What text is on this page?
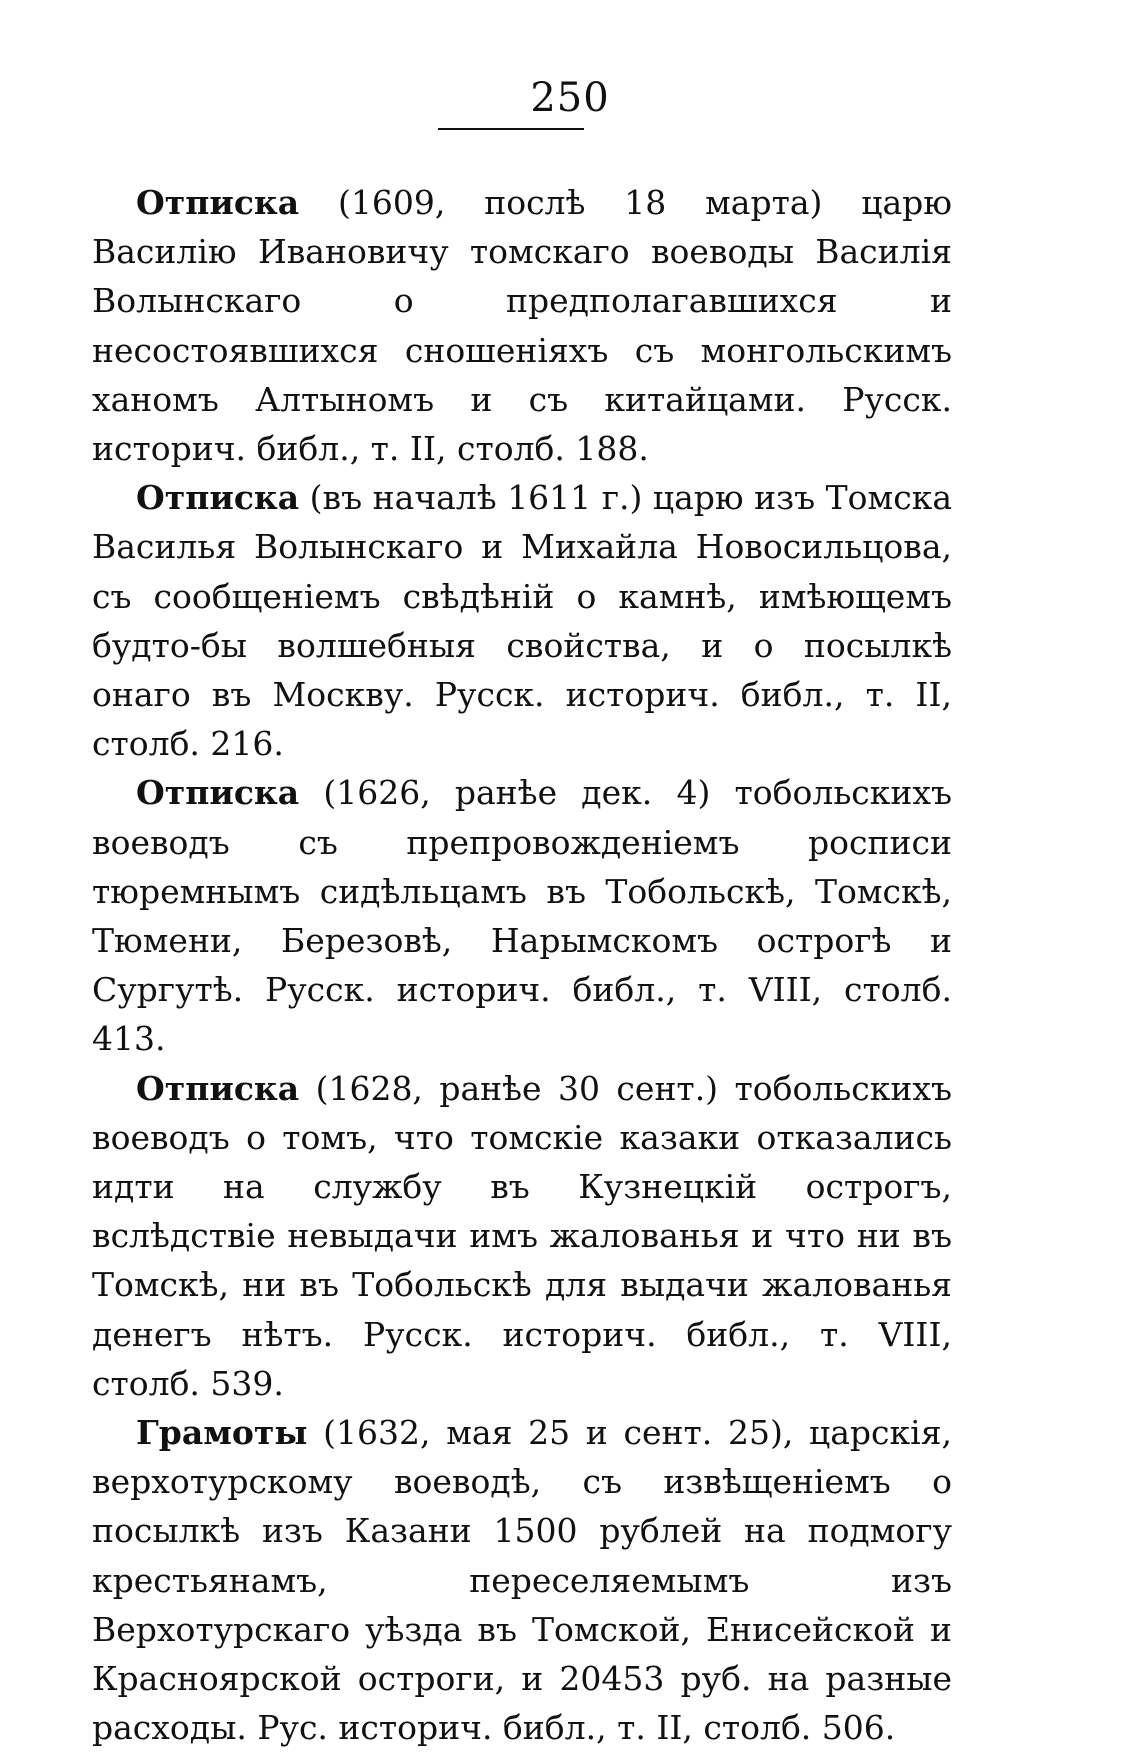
250

Отписка (1609, послѣ 18 марта) царю Василію Ивановичу томскаго воеводы Василія Волынскаго о предполагавшихся и несостоявшихся сношеніяхъ съ монгольскимъ ханомъ Алтыномъ и съ китайцами. Русск. историч. библ., т. II, столб. 188.

Отписка (въ началѣ 1611 г.) царю изъ Томска Василья Волынскаго и Михайла Новосильцова, съ сообщеніемъ свѣдѣній о камнѣ, имѣющемъ будто-бы волшебныя свойства, и о посылкѣ онаго въ Москву. Русск. историч. библ., т. II, столб. 216.

Отписка (1626, ранѣе дек. 4) тобольскихъ воеводъ съ препровожденіемъ росписи тюремнымъ сидѣльцамъ въ Тобольскѣ, Томскѣ, Тюмени, Березовѣ, Нарымскомъ острогѣ и Сургутѣ. Русск. историч. библ., т. VIII, столб. 413.

Отписка (1628, ранѣе 30 сент.) тобольскихъ воеводъ о томъ, что томскіе казаки отказались идти на службу въ Кузнецкій острогъ, вслѣдствіе невыдачи имъ жалованья и что ни въ Томскѣ, ни въ Тобольскѣ для выдачи жалованья денегъ нѣтъ. Русск. историч. библ., т. VIII, столб. 539.

Грамоты (1632, мая 25 и сент. 25), царскія, верхотурскому воеводѣ, съ извѣщеніемъ о посылкѣ изъ Казани 1500 рублей на подмогу крестьянамъ, переселяемымъ изъ Верхотурскаго уѣзда въ Томской, Енисейской и Красноярской остроги, и 20453 руб. на разные расходы. Рус. историч. библ., т. II, столб. 506.
